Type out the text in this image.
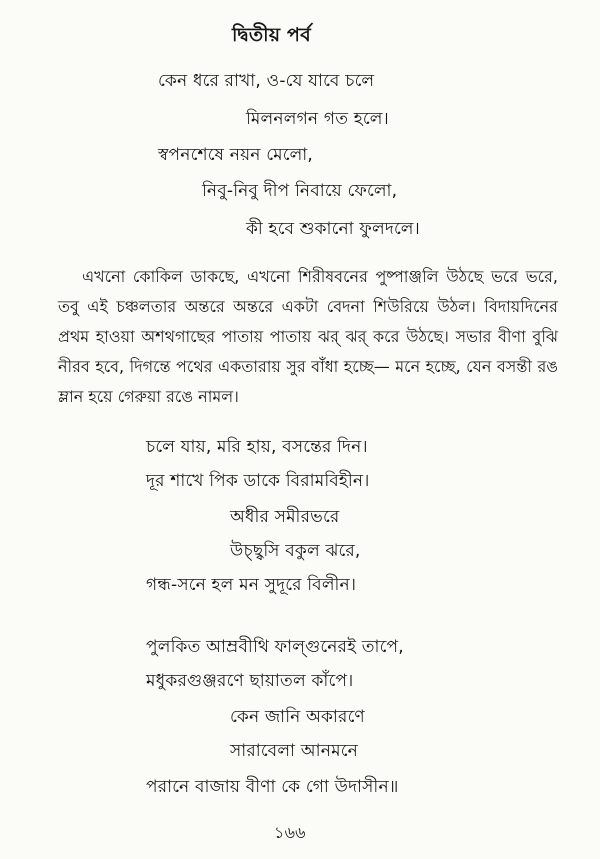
দ্বিতীয় পর্ব
কেন ধরে রাখা, ও-যে যাবে চলে
মিলনলগন গত হলে।
স্বপনশেষে নয়ন মেলো,
নিবু-নিবু দীপ নিবায়ে ফেলো,
কী হবে শুকানো ফুলদলে।
এখনো কোকিল ডাকছে, এখনো শিরীষবনের পুষ্পাঞ্জলি উঠছে ভরে ভরে, তবু এই চঞ্চলতার অন্তরে অন্তরে একটা বেদনা শিউরিয়ে উঠল। বিদায়দিনের প্রথম হাওয়া অশথগাছের পাতায় পাতায় ঝর্ ঝর্ করে উঠছে। সভার বীণা বুঝি নীরব হবে, দিগন্তে পথের একতারায় সুর বাঁধা হচ্ছে— মনে হচ্ছে, যেন বসন্তী রঙ ম্লান হয়ে গেরুয়া রঙে নামল।
চলে যায়, মরি হায়, বসন্তের দিন।
দূর শাখে পিক ডাকে বিরামবিহীন।
অধীর সমীরভরে
উচ্ছ্বসি বকুল ঝরে,
গন্ধ-সনে হল মন সুদূরে বিলীন।
পুলকিত আম্রবীথি ফাল্গুনেরই তাপে,
মধুকরগুঞ্জরণে ছায়াতল কাঁপে।
কেন জানি অকারণে
সারাবেলা আনমনে
পরানে বাজায় বীণা কে গো উদাসীন॥
১৬৬
